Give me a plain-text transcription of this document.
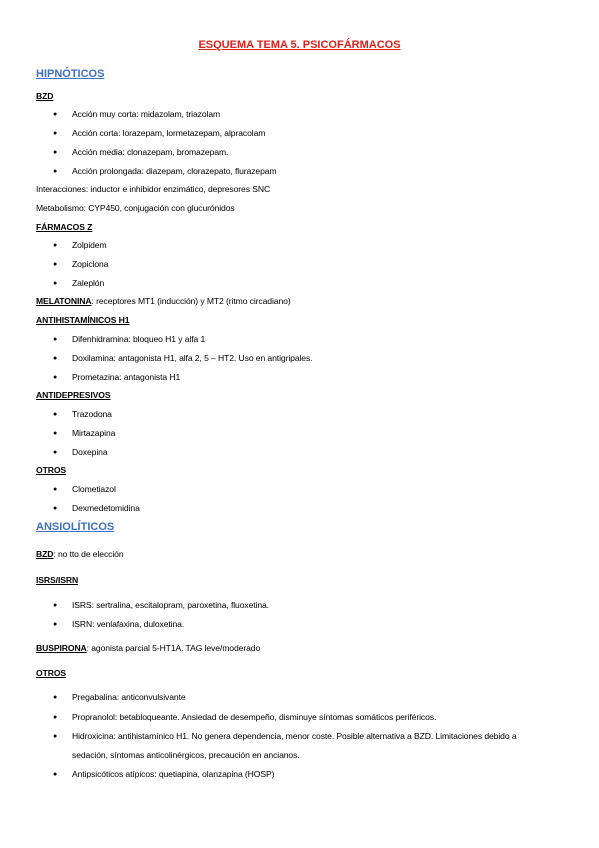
ESQUEMA TEMA 5. PSICOFÁRMACOS
HIPNÓTICOS
BZD
● Acción muy corta: midazolam, triazolam
● Acción corta: lorazepam, lormetazepam, alpracolam
● Acción media: clonazepam, bromazepam.
● Acción prolongada: diazepam, clorazepato, flurazepam
Interacciones: inductor e inhibidor enzimático, depresores SNC
Metabolismo: CYP450, conjugación con glucurónidos
FÁRMACOS Z
● Zolpidem
● Zopiclona
● Zaleplón
MELATONINA: receptores MT1 (inducción) y MT2 (ritmo circadiano)
ANTIHISTAMÍNICOS H1
● Difenhidramina: bloqueo H1 y alfa 1
● Doxilamina: antagonista H1, alfa 2, 5 – HT2. Uso en antigripales.
● Prometazina: antagonista H1
ANTIDEPRESIVOS
● Trazodona
● Mirtazapina
● Doxepina
OTROS
● Clometiazol
● Dexmedetomidina
ANSIOLÍTICOS
BZD: no tto de elección
ISRS/ISRN
● ISRS: sertralina, escitalopram, paroxetina, fluoxetina.
● ISRN: venlafaxina, duloxetina.
BUSPIRONA: agonista parcial 5-HT1A. TAG leve/moderado
OTROS
● Pregabalina: anticonvulsivante
● Propranolol: betabloqueante. Ansiedad de desempeño, disminuye síntomas somáticos periféricos.
● Hidroxicina: antihistamínico H1. No genera dependencia, menor coste. Posible alternativa a BZD. Limitaciones debido a
sedación, síntomas anticolinérgicos, precaución en ancianos.
● Antipsicóticos atípicos: quetiapina, olanzapina (HOSP)
